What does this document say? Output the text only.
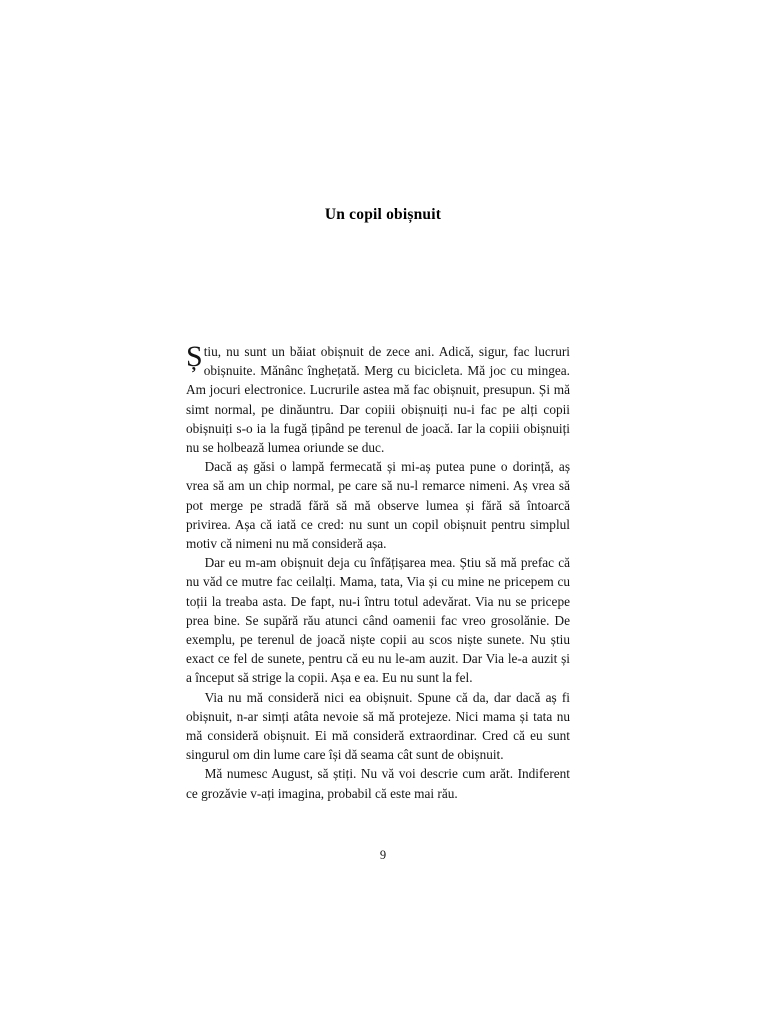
Un copil obișnuit

Știu, nu sunt un băiat obișnuit de zece ani. Adică, sigur, fac lucruri obișnuite. Mănânc înghețată. Merg cu bicicleta. Mă joc cu mingea. Am jocuri electronice. Lucrurile astea mă fac obișnuit, presupun. Și mă simt normal, pe dinăuntru. Dar copiii obișnuiți nu-i fac pe alți copii obișnuiți s-o ia la fugă țipând pe terenul de joacă. Iar la copiii obișnuiți nu se holbează lumea oriunde se duc.

Dacă aș găsi o lampă fermecată și mi-aș putea pune o dorință, aș vrea să am un chip normal, pe care să nu-l remarce nimeni. Aș vrea să pot merge pe stradă fără să mă observe lumea și fără să întoarcă privirea. Așa că iată ce cred: nu sunt un copil obișnuit pentru simplul motiv că nimeni nu mă consideră așa.

Dar eu m-am obișnuit deja cu înfățișarea mea. Știu să mă prefac că nu văd ce mutre fac ceilalți. Mama, tata, Via și cu mine ne pricepem cu toții la treaba asta. De fapt, nu-i întru totul adevărat. Via nu se pricepe prea bine. Se supără rău atunci când oamenii fac vreo grosolănie. De exemplu, pe terenul de joacă niște copii au scos niște sunete. Nu știu exact ce fel de sunete, pentru că eu nu le-am auzit. Dar Via le-a auzit și a început să strige la copii. Așa e ea. Eu nu sunt la fel.

Via nu mă consideră nici ea obișnuit. Spune că da, dar dacă aș fi obișnuit, n-ar simți atâta nevoie să mă protejeze. Nici mama și tata nu mă consideră obișnuit. Ei mă consideră extraordinar. Cred că eu sunt singurul om din lume care își dă seama cât sunt de obișnuit.

Mă numesc August, să știți. Nu vă voi descrie cum arăt. Indiferent ce grozăvie v-ați imagina, probabil că este mai rău.

9
